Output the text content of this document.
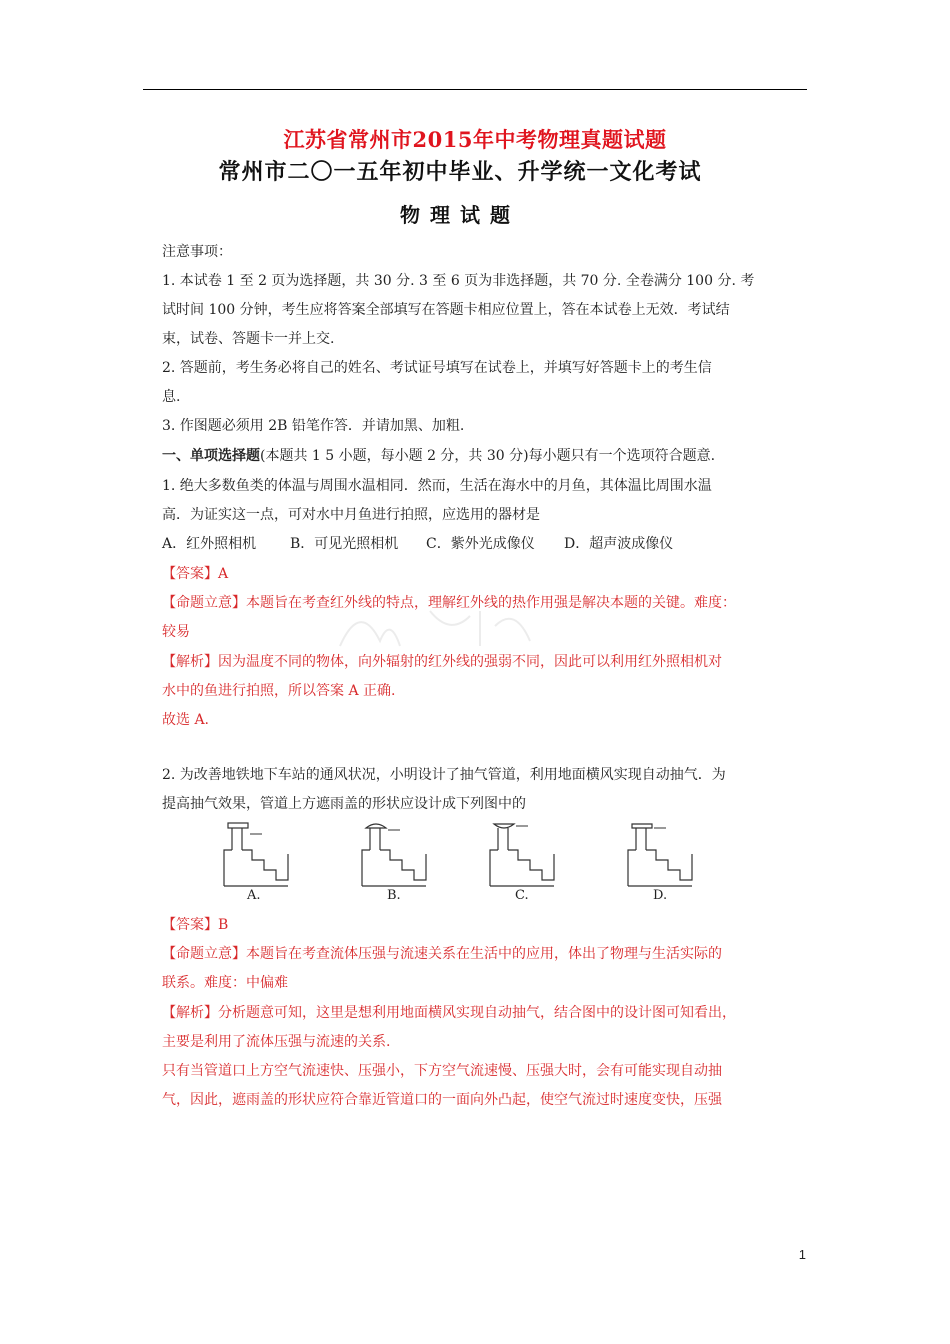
江苏省常州市2015年中考物理真题试题
常州市二〇一五年初中毕业、升学统一文化考试
物理试题
注意事项：
1. 本试卷 1 至 2 页为选择题，共 30 分. 3 至 6 页为非选择题，共 70 分. 全卷满分 100 分. 考
试时间 100 分钟，考生应将答案全部填写在答题卡相应位置上，答在本试卷上无效．考试结
束，试卷、答题卡一并上交.
2. 答题前，考生务必将自己的姓名、考试证号填写在试卷上，并填写好答题卡上的考生信
息.
3. 作图题必须用 2B 铅笔作答．并请加黑、加粗.
一、单项选择题(本题共 1 5 小题，每小题 2 分，共 30 分)每小题只有一个选项符合题意.
1. 绝大多数鱼类的体温与周围水温相同．然而，生活在海水中的月鱼，其体温比周围水温
高．为证实这一点，可对水中月鱼进行拍照，应选用的器材是
A．红外照相机 B．可见光照相机 C．紫外光成像仪 D．超声波成像仪
【答案】A
【命题立意】本题旨在考查红外线的特点，理解红外线的热作用强是解决本题的关键。难度：
较易
【解析】因为温度不同的物体，向外辐射的红外线的强弱不同，因此可以利用红外照相机对
水中的鱼进行拍照，所以答案 A 正确.
故选 A.
2. 为改善地铁地下车站的通风状况，小明设计了抽气管道，利用地面横风实现自动抽气．为
提高抽气效果，管道上方遮雨盖的形状应设计成下列图中的
A.	B.	C.	D.
【答案】B
【命题立意】本题旨在考查流体压强与流速关系在生活中的应用，体出了物理与生活实际的
联系。难度：中偏难
【解析】分析题意可知，这里是想利用地面横风实现自动抽气，结合图中的设计图可知看出，
主要是利用了流体压强与流速的关系.
只有当管道口上方空气流速快、压强小，下方空气流速慢、压强大时，会有可能实现自动抽
气，因此，遮雨盖的形状应符合靠近管道口的一面向外凸起，使空气流过时速度变快，压强
1
